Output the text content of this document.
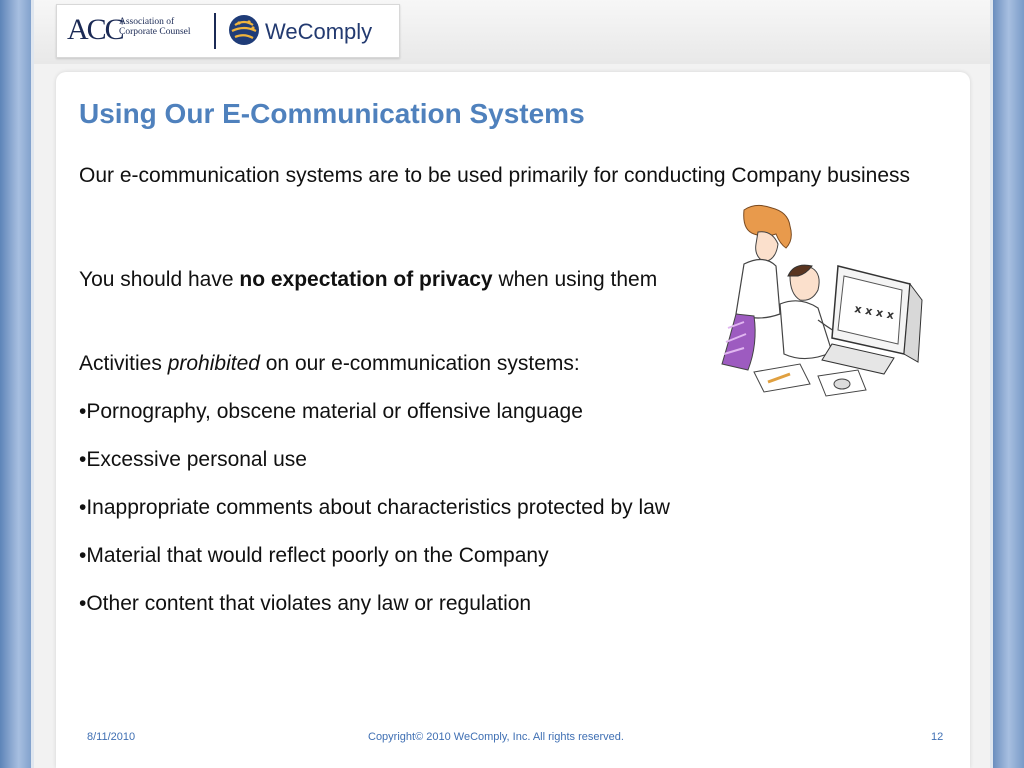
ACC
Association of
Corporate Counsel	WeComply
Using Our E-Communication Systems
Our e-communication systems are to be used primarily for conducting Company business
You should have no expectation of privacy when using them
Activities prohibited on our e-communication systems:
•Pornography, obscene material or offensive language
•Excessive personal use
•Inappropriate comments about characteristics protected by law
•Material that would reflect poorly on the Company
•Other content that violates any law or regulation
x x x x
8/11/2010	Copyright© 2010 WeComply, Inc. All rights reserved.	12
